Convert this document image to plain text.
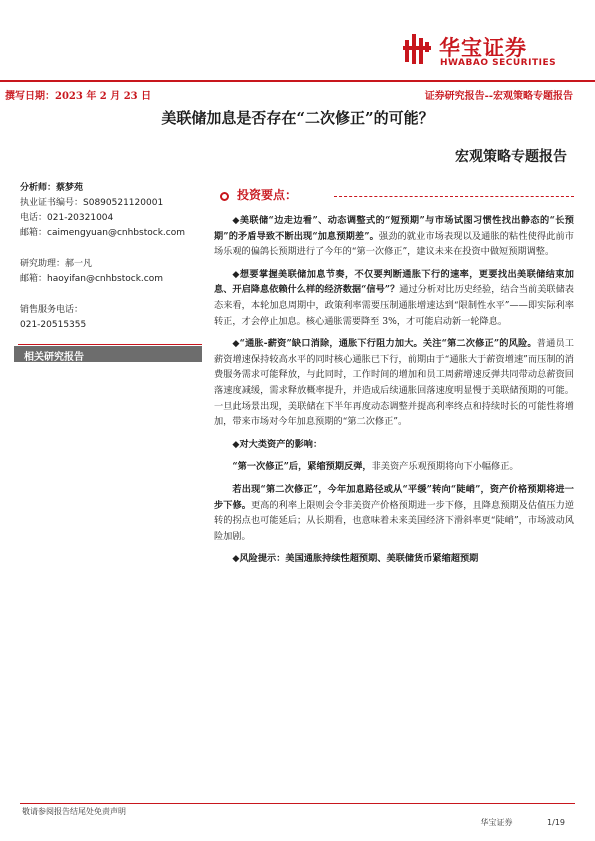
华宝证券
HWABAO SECURITIES
撰写日期：2023 年 2 月 23 日	证券研究报告--宏观策略专题报告
美联储加息是否存在“二次修正”的可能？
宏观策略专题报告
分析师：蔡梦苑
执业证书编号：S0890521120001
电话：021-20321004
邮箱：caimengyuan@cnhbstock.com
研究助理：郝一凡
邮箱：haoyifan@cnhbstock.com
销售服务电话：
021-20515355
相关研究报告
投资要点：

◆美联储“边走边看”、动态调整式的“短预期”与市场试图习惯性找出静态的“长预期”的矛盾导致不断出现“加息预期差”。强劲的就业市场表现以及通胀的粘性使得此前市场乐观的偏鸽长预期进行了今年的“第一次修正”，建议未来在投资中做短预期调整。

◆想要掌握美联储加息节奏，不仅要判断通胀下行的速率，更要找出美联储结束加息、开启降息依赖什么样的经济数据“信号”？通过分析对比历史经验，结合当前美联储表态来看，本轮加息周期中，政策利率需要压制通胀增速达到“限制性水平”——即实际利率转正，才会停止加息。核心通胀需要降至 3%，才可能启动新一轮降息。

◆“通胀-薪资”缺口消除，通胀下行阻力加大。关注“第二次修正”的风险。普通员工薪资增速保持较高水平的同时核心通胀已下行，前期由于“通胀大于薪资增速”而压制的消费服务需求可能释放，与此同时，工作时间的增加和员工周薪增速反弹共同带动总薪资回落速度减缓，需求释放概率提升，并造成后续通胀回落速度明显慢于美联储预期的可能。一旦此场景出现，美联储在下半年再度动态调整并提高利率终点和持续时长的可能性将增加，带来市场对今年加息预期的“第二次修正”。

◆对大类资产的影响：

“第一次修正”后，紧缩预期反弹，非美资产乐观预期将向下小幅修正。

若出现“第二次修正”，今年加息路径或从“平缓”转向“陡峭”，资产价格预期将进一步下修。更高的利率上限则会令非美资产价格预期进一步下修，且降息预期及估值压力逆转的拐点也可能延后；从长期看，也意味着未来美国经济下滑斜率更“陡峭”，市场波动风险加剧。

◆风险提示：美国通胀持续性超预期、美联储货币紧缩超预期

敬请参阅报告结尾处免责声明
华宝证券	1/19
